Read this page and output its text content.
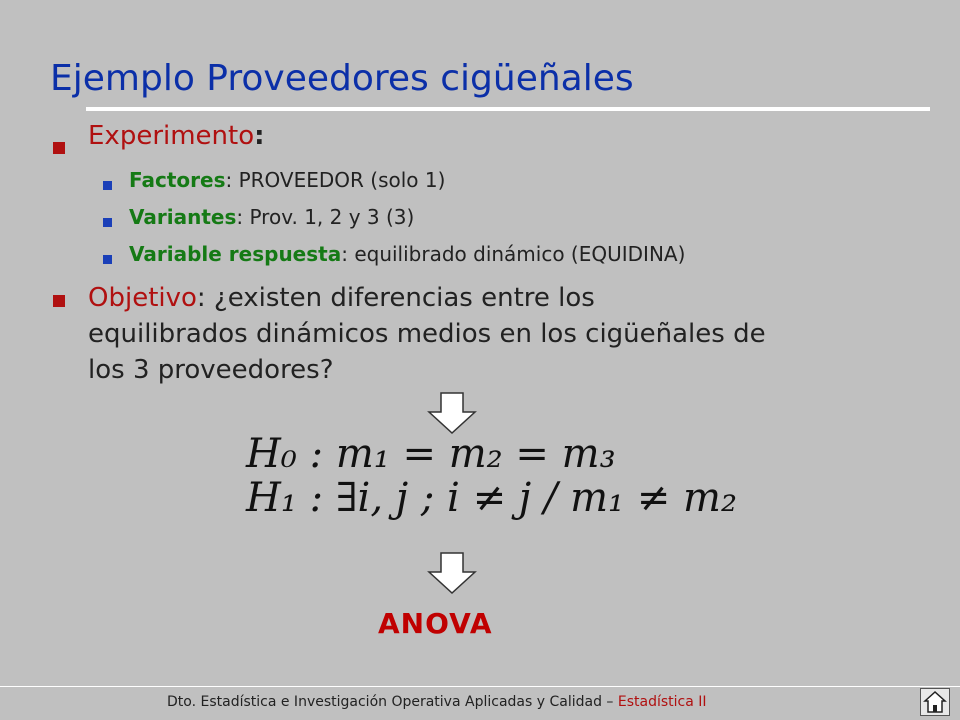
Ejemplo Proveedores cigüeñales
Experimento:
Factores: PROVEEDOR (solo 1)
Variantes: Prov. 1, 2 y 3 (3)
Variable respuesta: equilibrado dinámico (EQUIDINA)
Objetivo: ¿existen diferencias entre los
equilibrados dinámicos medios en los cigüeñales de
los 3 proveedores?
H₀ : m₁ = m₂ = m₃
H₁ : ∃i, j ; i ≠ j / m₁ ≠ m₂
ANOVA
Dto. Estadística e Investigación Operativa Aplicadas y Calidad – Estadística II
